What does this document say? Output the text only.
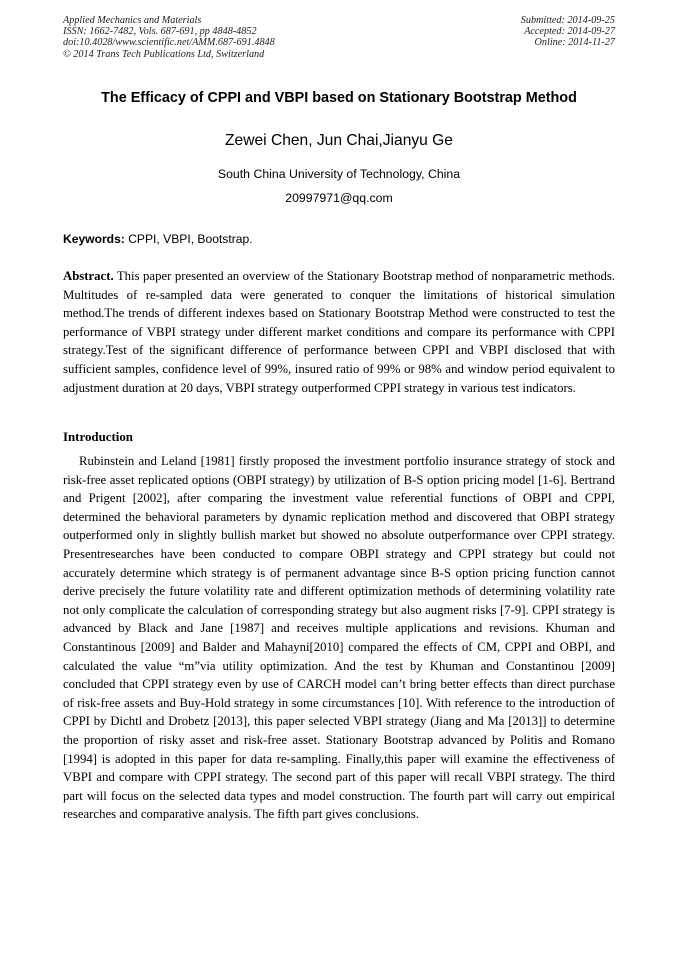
Applied Mechanics and Materials
ISSN: 1662-7482, Vols. 687-691, pp 4848-4852
doi:10.4028/www.scientific.net/AMM.687-691.4848
© 2014 Trans Tech Publications Ltd, Switzerland
Submitted: 2014-09-25
Accepted: 2014-09-27
Online: 2014-11-27
The Efficacy of CPPI and VBPI based on Stationary Bootstrap Method
Zewei Chen, Jun Chai,Jianyu Ge
South China University of Technology, China
20997971@qq.com
Keywords: CPPI, VBPI, Bootstrap.

Abstract. This paper presented an overview of the Stationary Bootstrap method of nonparametric methods. Multitudes of re-sampled data were generated to conquer the limitations of historical simulation method.The trends of different indexes based on Stationary Bootstrap Method were constructed to test the performance of VBPI strategy under different market conditions and compare its performance with CPPI strategy.Test of the significant difference of performance between CPPI and VBPI disclosed that with sufficient samples, confidence level of 99%, insured ratio of 99% or 98% and window period equivalent to adjustment duration at 20 days, VBPI strategy outperformed CPPI strategy in various test indicators.

Introduction

Rubinstein and Leland [1981] firstly proposed the investment portfolio insurance strategy of stock and risk-free asset replicated options (OBPI strategy) by utilization of B-S option pricing model [1-6]. Bertrand and Prigent [2002], after comparing the investment value referential functions of OBPI and CPPI, determined the behavioral parameters by dynamic replication method and discovered that OBPI strategy outperformed only in slightly bullish market but showed no absolute outperformance over CPPI strategy. Presentresearches have been conducted to compare OBPI strategy and CPPI strategy but could not accurately determine which strategy is of permanent advantage since B-S option pricing function cannot derive precisely the future volatility rate and different optimization methods of determining volatility rate not only complicate the calculation of corresponding strategy but also augment risks [7-9]. CPPI strategy is advanced by Black and Jane [1987] and receives multiple applications and revisions. Khuman and Constantinous [2009] and Balder and Mahayni[2010] compared the effects of CM, CPPI and OBPI, and calculated the value “m”via utility optimization. And the test by Khuman and Constantinou [2009] concluded that CPPI strategy even by use of CARCH model can’t bring better effects than direct purchase of risk-free assets and Buy-Hold strategy in some circumstances [10]. With reference to the introduction of CPPI by Dichtl and Drobetz [2013], this paper selected VBPI strategy (Jiang and Ma [2013]] to determine the proportion of risky asset and risk-free asset. Stationary Bootstrap advanced by Politis and Romano [1994] is adopted in this paper for data re-sampling. Finally,this paper will examine the effectiveness of VBPI and compare with CPPI strategy. The second part of this paper will recall VBPI strategy. The third part will focus on the selected data types and model construction. The fourth part will carry out empirical researches and comparative analysis. The fifth part gives conclusions.
